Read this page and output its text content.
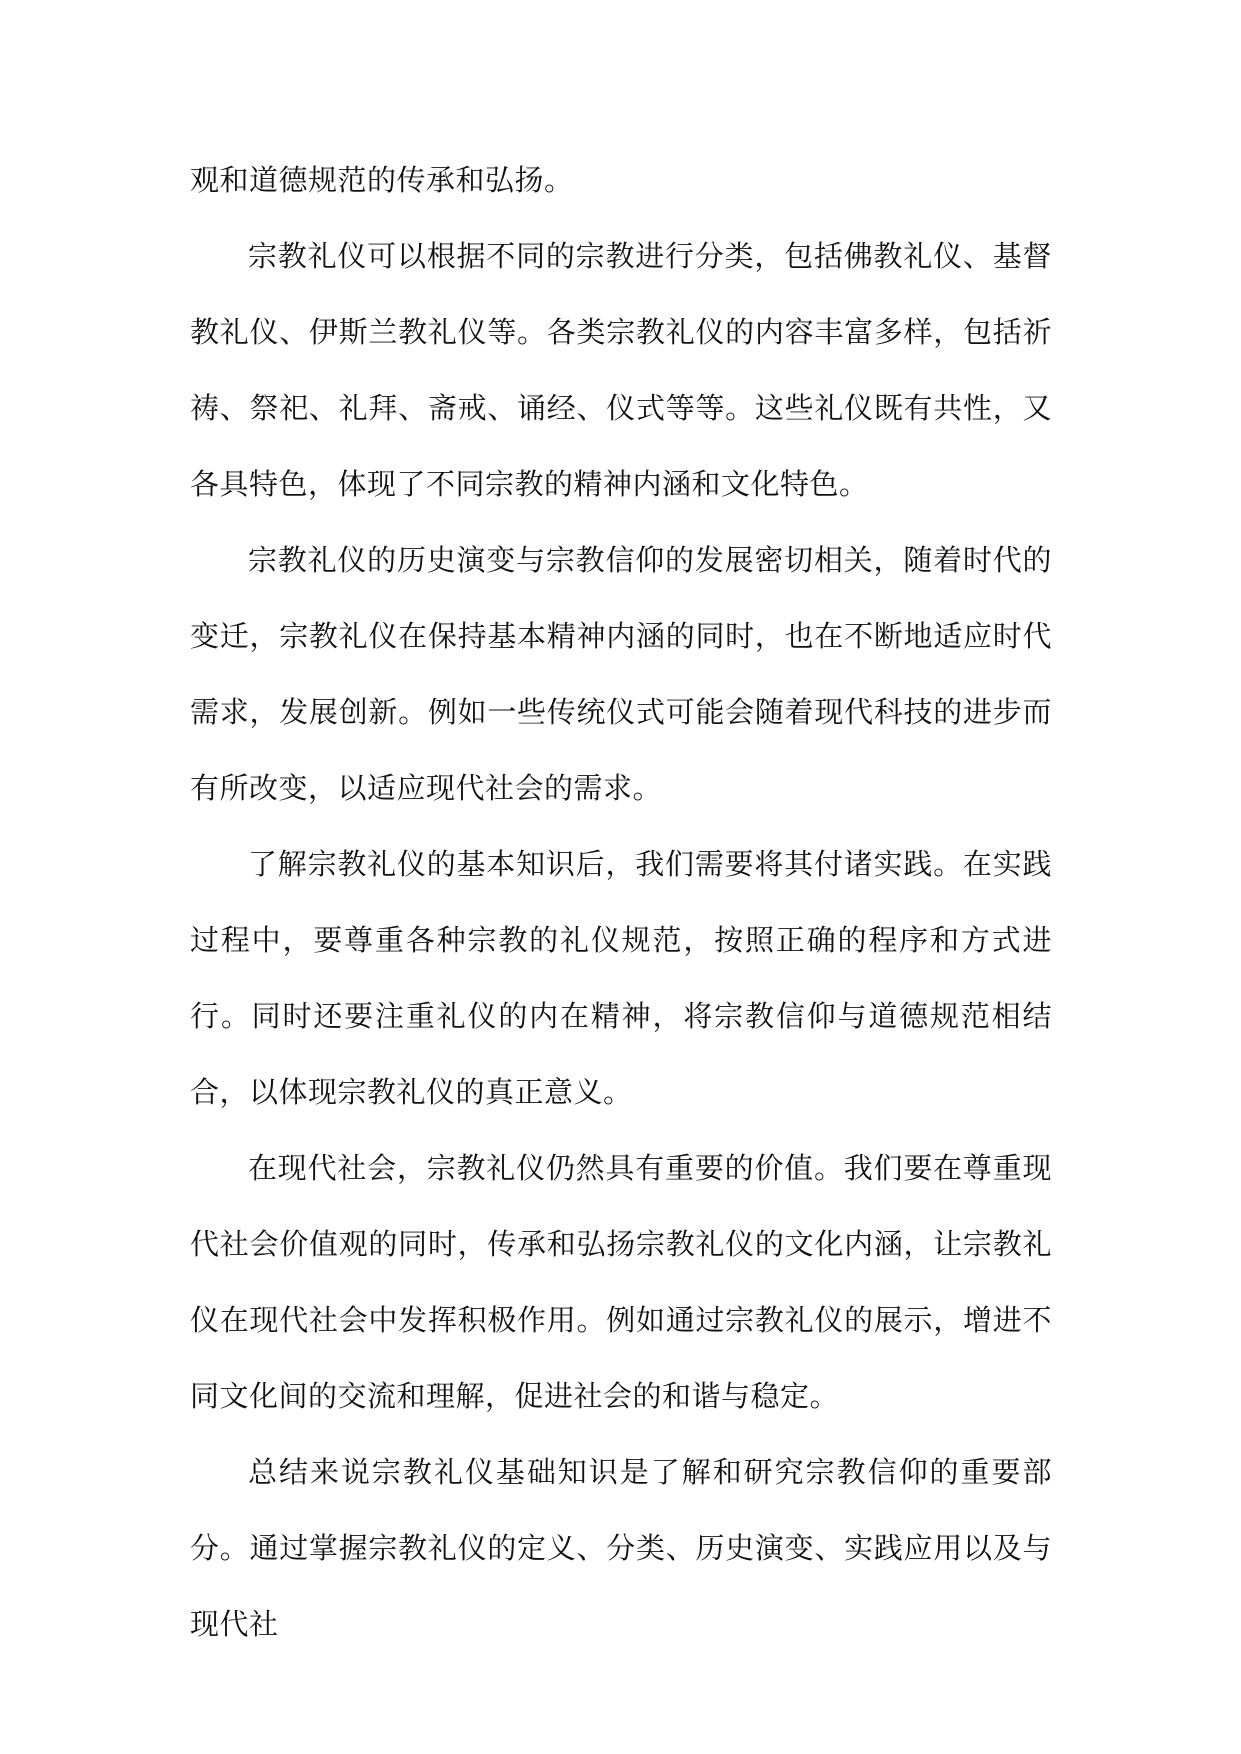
观和道德规范的传承和弘扬。

宗教礼仪可以根据不同的宗教进行分类，包括佛教礼仪、基督教礼仪、伊斯兰教礼仪等。各类宗教礼仪的内容丰富多样，包括祈祷、祭祀、礼拜、斋戒、诵经、仪式等等。这些礼仪既有共性，又各具特色，体现了不同宗教的精神内涵和文化特色。

宗教礼仪的历史演变与宗教信仰的发展密切相关，随着时代的变迁，宗教礼仪在保持基本精神内涵的同时，也在不断地适应时代需求，发展创新。例如一些传统仪式可能会随着现代科技的进步而有所改变，以适应现代社会的需求。

了解宗教礼仪的基本知识后，我们需要将其付诸实践。在实践过程中，要尊重各种宗教的礼仪规范，按照正确的程序和方式进行。同时还要注重礼仪的内在精神，将宗教信仰与道德规范相结合，以体现宗教礼仪的真正意义。

在现代社会，宗教礼仪仍然具有重要的价值。我们要在尊重现代社会价值观的同时，传承和弘扬宗教礼仪的文化内涵，让宗教礼仪在现代社会中发挥积极作用。例如通过宗教礼仪的展示，增进不同文化间的交流和理解，促进社会的和谐与稳定。

总结来说宗教礼仪基础知识是了解和研究宗教信仰的重要部分。通过掌握宗教礼仪的定义、分类、历史演变、实践应用以及与现代社
